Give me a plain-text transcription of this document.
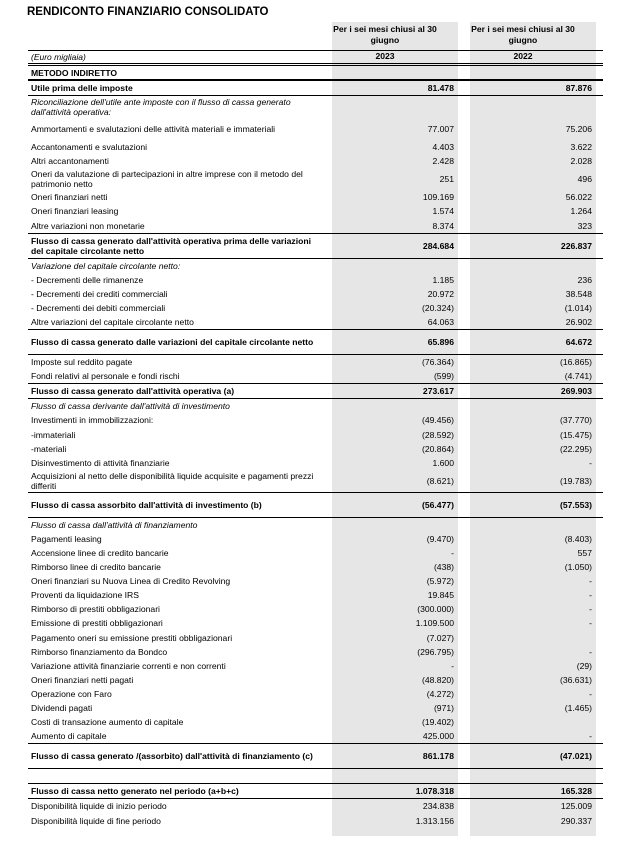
RENDICONTO FINANZIARIO CONSOLIDATO
Per i sei mesi chiusi al 30 giugno
2023
Per i sei mesi chiusi al 30 giugno
2022
(Euro migliaia)
METODO INDIRETTO
Utile prima delle imposte	81.478	87.876
Riconciliazione dell'utile ante imposte con il flusso di cassa generato dall'attività operativa:
Ammortamenti e svalutazioni delle attività materiali e immateriali	77.007	75.206
Accantonamenti e svalutazioni	4.403	3.622
Altri accantonamenti	2.428	2.028
Oneri da valutazione di partecipazioni in altre imprese con il metodo del patrimonio netto	251	496
Oneri finanziari netti	109.169	56.022
Oneri finanziari leasing	1.574	1.264
Altre variazioni non monetarie	8.374	323
Flusso di cassa generato dall'attività operativa prima delle variazioni del capitale circolante netto	284.684	226.837
Variazione del capitale circolante netto:
- Decrementi delle rimanenze	1.185	236
- Decrementi dei crediti commerciali	20.972	38.548
- Decrementi dei debiti commerciali	(20.324)	(1.014)
Altre variazioni del capitale circolante netto	64.063	26.902
Flusso di cassa generato dalle variazioni del capitale circolante netto	65.896	64.672
Imposte sul reddito pagate	(76.364)	(16.865)
Fondi relativi al personale e fondi rischi	(599)	(4.741)
Flusso di cassa generato dall'attività operativa (a)	273.617	269.903
Flusso di cassa derivante dall'attività di investimento
Investimenti in immobilizzazioni:	(49.456)	(37.770)
-immateriali	(28.592)	(15.475)
-materiali	(20.864)	(22.295)
Disinvestimento di attività finanziarie	1.600	-
Acquisizioni al netto delle disponibilità liquide acquisite e pagamenti prezzi differiti	(8.621)	(19.783)
Flusso di cassa assorbito dall'attività di investimento (b)	(56.477)	(57.553)
Flusso di cassa dall'attività di finanziamento
Pagamenti leasing	(9.470)	(8.403)
Accensione linee di credito bancarie	-	557
Rimborso linee di credito bancarie	(438)	(1.050)
Oneri finanziari su Nuova Linea di Credito Revolving	(5.972)	-
Proventi da liquidazione IRS	19.845	-
Rimborso di prestiti obbligazionari	(300.000)	-
Emissione di prestiti obbligazionari	1.109.500	-
Pagamento oneri su emissione prestiti obbligazionari	(7.027)
Rimborso finanziamento da Bondco	(296.795)	-
Variazione attività finanziarie correnti e non correnti	-	(29)
Oneri finanziari netti pagati	(48.820)	(36.631)
Operazione con Faro	(4.272)	-
Dividendi pagati	(971)	(1.465)
Costi di transazione aumento di capitale	(19.402)
Aumento di capitale	425.000	-
Flusso di cassa generato /(assorbito) dall'attività di finanziamento (c)	861.178	(47.021)
Flusso di cassa netto generato nel periodo (a+b+c)	1.078.318	165.328
Disponibilità liquide di inizio periodo	234.838	125.009
Disponibilità liquide di fine periodo	1.313.156	290.337
